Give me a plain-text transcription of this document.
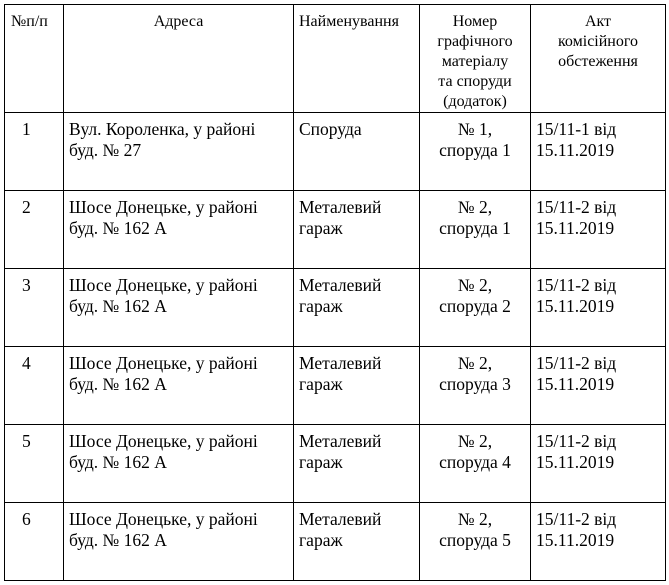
№п/п	Адреса	Найменування	Номер
графічного
матеріалу
та споруди
(додаток)	Акт
комісійного
обстеження

1	Вул. Короленка, у районі
буд. № 27	Споруда	№ 1,
споруда 1	15/11-1 від
15.11.2019

2	Шосе Донецьке, у районі
буд. № 162 А	Металевий
гараж	№ 2,
споруда 1	15/11-2 від
15.11.2019

3	Шосе Донецьке, у районі
буд. № 162 А	Металевий
гараж	№ 2,
споруда 2	15/11-2 від
15.11.2019

4	Шосе Донецьке, у районі
буд. № 162 А	Металевий
гараж	№ 2,
споруда 3	15/11-2 від
15.11.2019

5	Шосе Донецьке, у районі
буд. № 162 А	Металевий
гараж	№ 2,
споруда 4	15/11-2 від
15.11.2019

6	Шосе Донецьке, у районі
буд. № 162 А	Металевий
гараж	№ 2,
споруда 5	15/11-2 від
15.11.2019
